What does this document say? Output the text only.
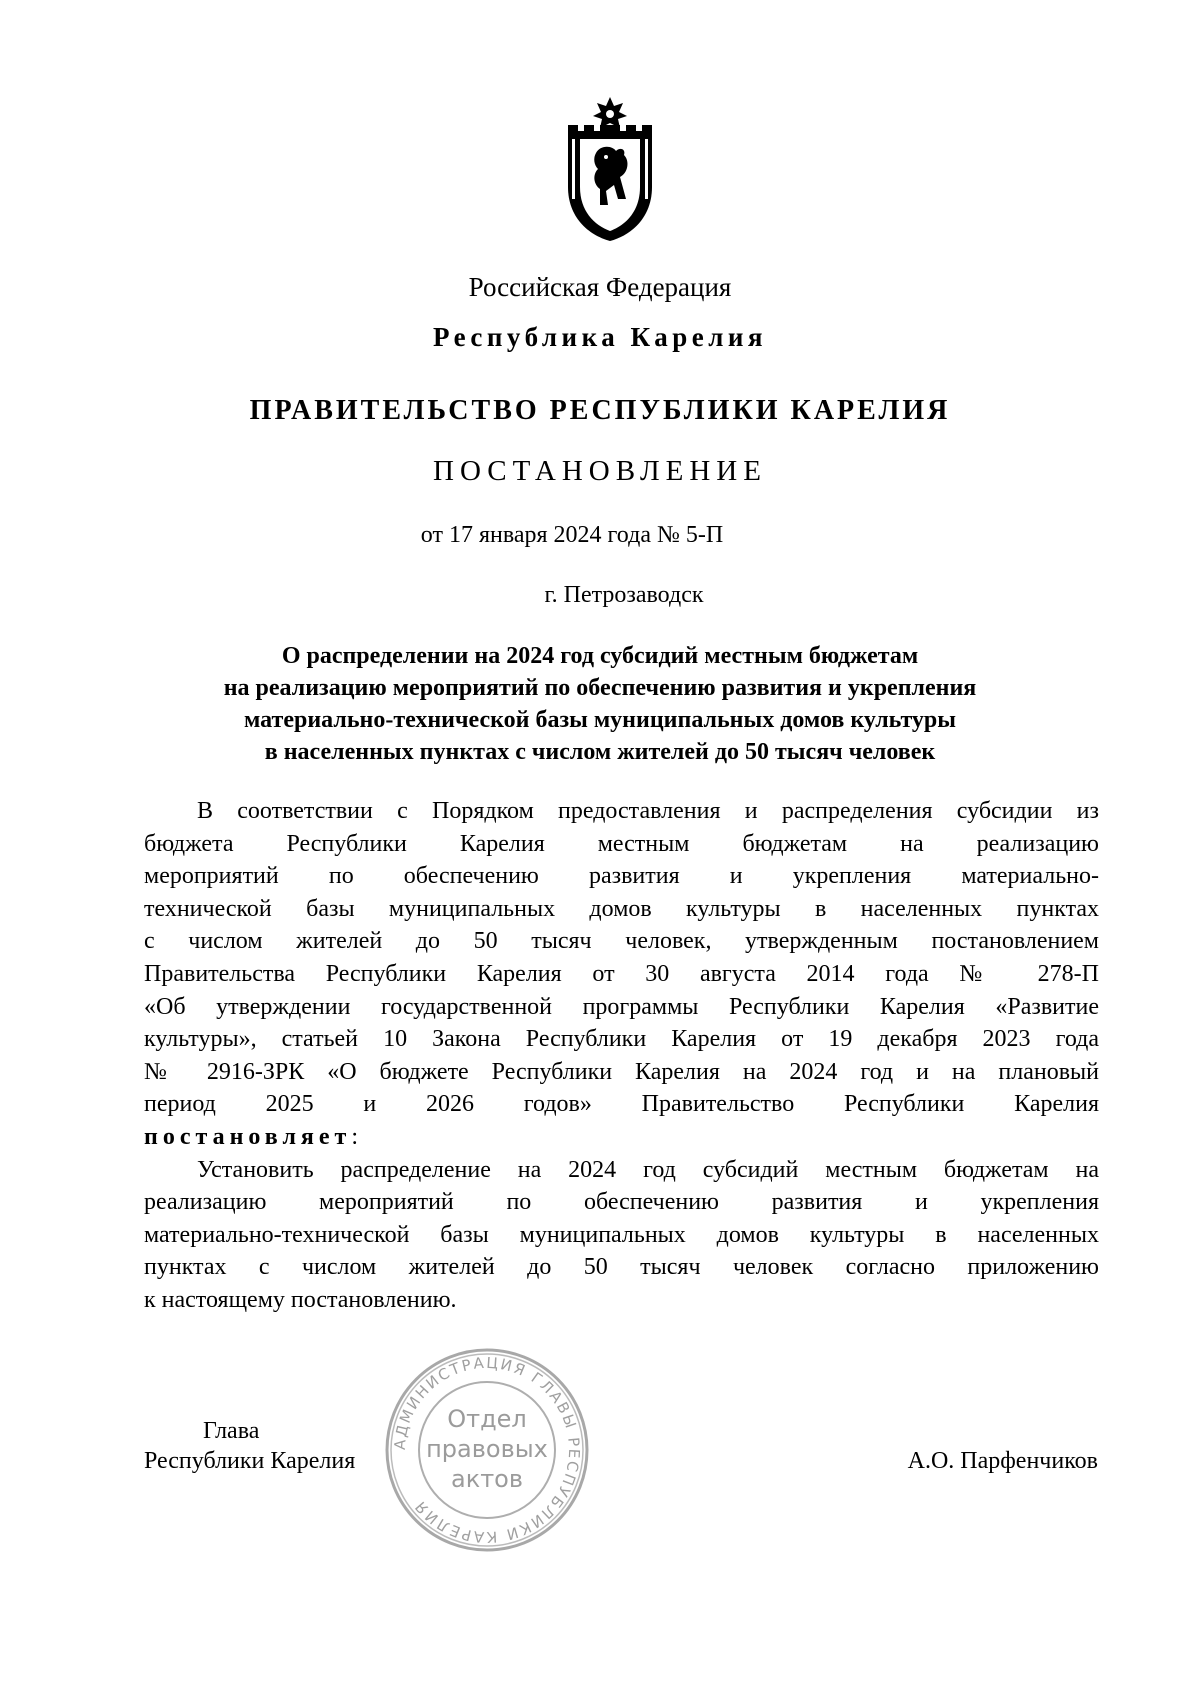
Российская Федерация
Республика Карелия
ПРАВИТЕЛЬСТВО РЕСПУБЛИКИ КАРЕЛИЯ
ПОСТАНОВЛЕНИЕ
от 17 января 2024 года № 5-П
г. Петрозаводск
О распределении на 2024 год субсидий местным бюджетам
на реализацию мероприятий по обеспечению развития и укрепления
материально-технической базы муниципальных домов культуры
в населенных пунктах с числом жителей до 50 тысяч человек

В соответствии с Порядком предоставления и распределения субсидии из
бюджета Республики Карелия местным бюджетам на реализацию
мероприятий по обеспечению развития и укрепления материально-
технической базы муниципальных домов культуры в населенных пунктах
с числом жителей до 50 тысяч человек, утвержденным постановлением
Правительства Республики Карелия от 30 августа 2014 года № 278-П
«Об утверждении государственной программы Республики Карелия «Развитие
культуры», статьей 10 Закона Республики Карелия от 19 декабря 2023 года
№ 2916-ЗРК «О бюджете Республики Карелия на 2024 год и на плановый
период 2025 и 2026 годов» Правительство Республики Карелия
постановляет:

Установить распределение на 2024 год субсидий местным бюджетам на
реализацию мероприятий по обеспечению развития и укрепления
материально-технической базы муниципальных домов культуры в населенных
пунктах с числом жителей до 50 тысяч человек согласно приложению
к настоящему постановлению.

Глава
Республики Карелия	А.О. Парфенчиков
АДМИНИСТРАЦИЯ ГЛАВЫ РЕСПУБЛИКИ КАРЕЛИЯ
Отдел
правовых
актов
